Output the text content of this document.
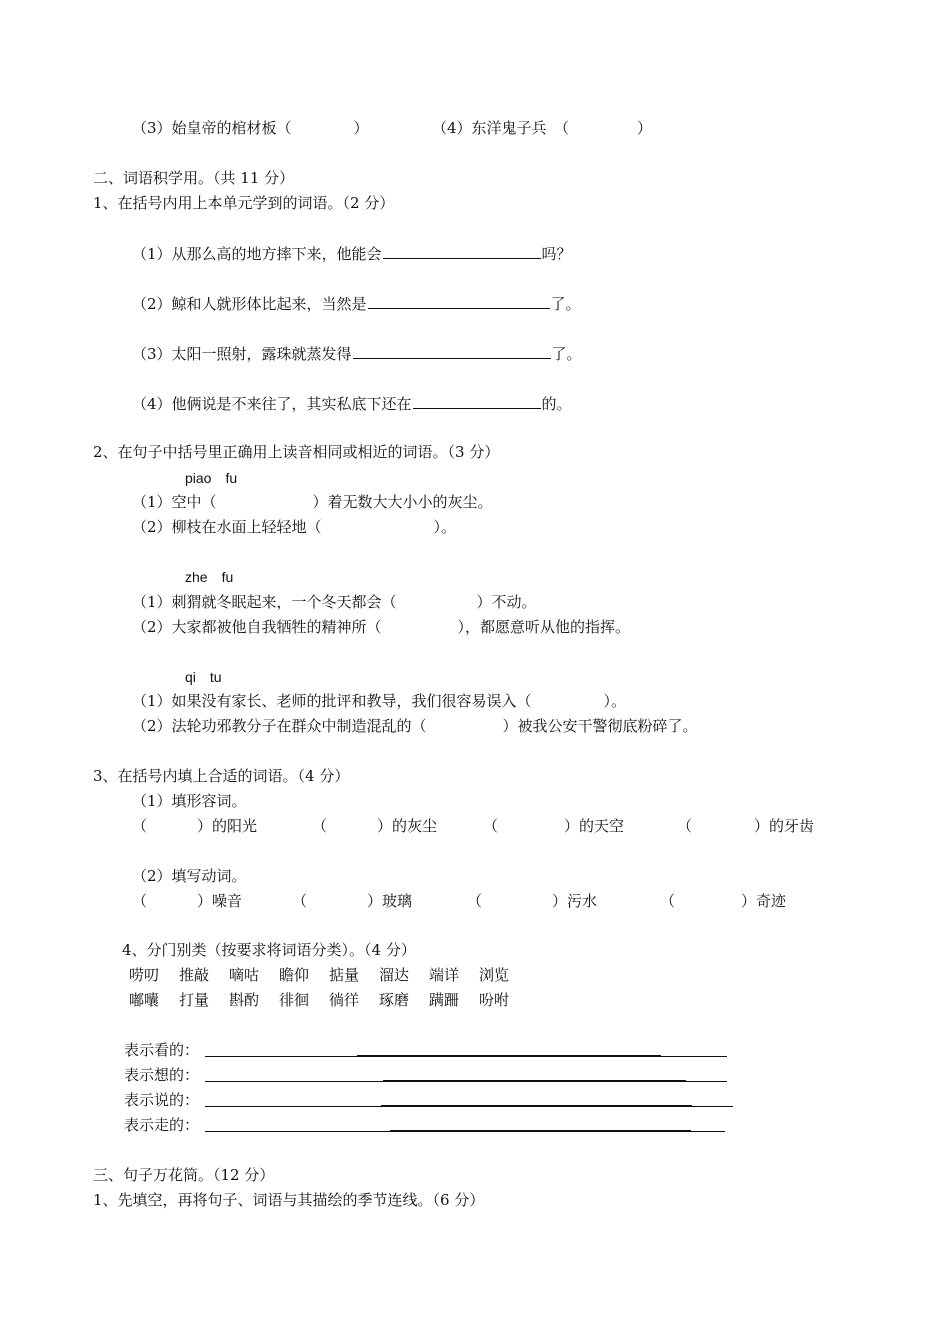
（3）始皇帝的棺材板（	）	（4）东洋鬼子兵　（	）
二、词语积学用。（共 11 分）
1、在括号内用上本单元学到的词语。（2 分）
（1）从那么高的地方摔下来，他能会	吗？
（2）鲸和人就形体比起来，当然是	了。
（3）太阳一照射，露珠就蒸发得	了。
（4）他俩说是不来往了，其实私底下还在	的。
2、在句子中括号里正确用上读音相同或相近的词语。（3 分）
piao　fu
（1）空中（	）着无数大大小小的灰尘。
（2）柳枝在水面上轻轻地（	）。
zhe　fu
（1）刺猬就冬眠起来，一个冬天都会（	）不动。
（2）大家都被他自我牺牲的精神所（	），都愿意听从他的指挥。
qi　tu
（1）如果没有家长、老师的批评和教导，我们很容易误入（	）。
（2）法轮功邪教分子在群众中制造混乱的（	）被我公安干警彻底粉碎了。
3、在括号内填上合适的词语。（4 分）
（1）填形容词。
（	）的阳光	（	）的灰尘	（	）的天空	（	）的牙齿
（2）填写动词。
（	）噪音	（	）玻璃	（	）污水	（	）奇迹
4、分门别类（按要求将词语分类）。（4 分）
唠叨 推敲 嘀咕 瞻仰 掂量 溜达 端详 浏览
嘟囔 打量 斟酌 徘徊 徜徉 琢磨 蹒跚 吩咐
表示看的：
表示想的：
表示说的：
表示走的：
三、句子万花筒。（12 分）
1、先填空，再将句子、词语与其描绘的季节连线。（6 分）
